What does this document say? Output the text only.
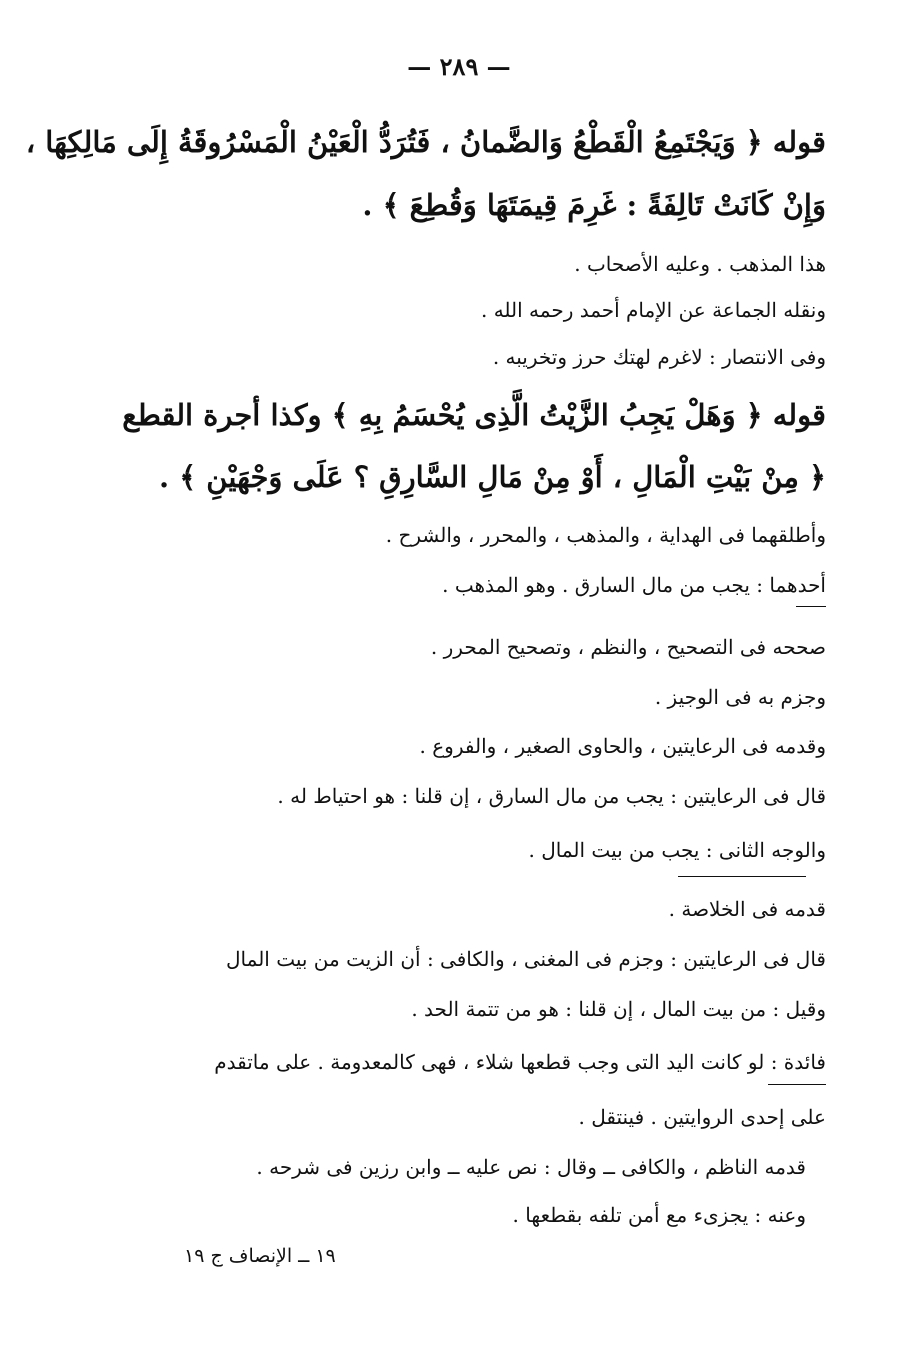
— ٢٨٩ —
قوله ﴿ وَيَجْتَمِعُ الْقَطْعُ وَالضَّمانُ ، فَتُرَدُّ الْعَيْنُ الْمَسْرُوقَةُ إِلَى مَالِكِهَا ،
وَإِنْ كَانَتْ تَالِفَةً : غَرِمَ قِيمَتَهَا وَقُطِعَ ﴾ .
هذا المذهب . وعليه الأصحاب .
ونقله الجماعة عن الإمام أحمد رحمه الله .
وفى الانتصار : لاغرم لهتك حرز وتخريبه .
قوله ﴿ وَهَلْ يَجِبُ الزَّيْتُ الَّذِى يُحْسَمُ بِهِ ﴾ وكذا أجرة القطع
﴿ مِنْ بَيْتِ الْمَالِ ، أَوْ مِنْ مَالِ السَّارِقِ ؟ عَلَى وَجْهَيْنِ ﴾ .
وأطلقهما فى الهداية ، والمذهب ، والمحرر ، والشرح .
أحدهما : يجب من مال السارق . وهو المذهب .
صححه فى التصحيح ، والنظم ، وتصحيح المحرر .
وجزم به فى الوجيز .
وقدمه فى الرعايتين ، والحاوى الصغير ، والفروع .
قال فى الرعايتين : يجب من مال السارق ، إن قلنا : هو احتياط له .
والوجه الثانى : يجب من بيت المال .
قدمه فى الخلاصة .
قال فى الرعايتين : وجزم فى المغنى ، والكافى : أن الزيت من بيت المال
وقيل : من بيت المال ، إن قلنا : هو من تتمة الحد .
فائدة : لو كانت اليد التى وجب قطعها شلاء ، فهى كالمعدومة . على ماتقدم
على إحدى الروايتين . فينتقل .
قدمه الناظم ، والكافى ــ وقال : نص عليه ــ وابن رزين فى شرحه .
وعنه : يجزىء مع أمن تلفه بقطعها .
١٩ ــ الإنصاف ج ١٩
